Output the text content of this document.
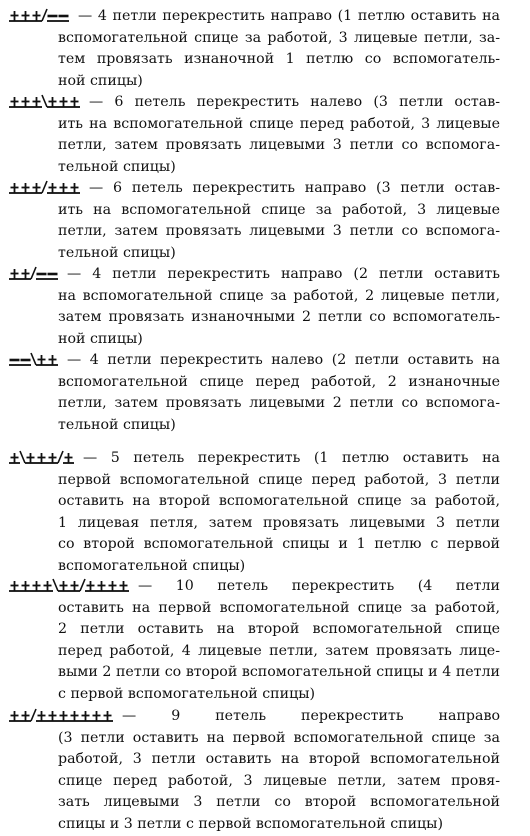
— 4 петли перекрестить направо (1 петлю оставить на
вспомогательной спице за работой, 3 лицевые петли, за-
тем провязать изнаночной 1 петлю со вспомогатель-
ной спицы)
— 6 петель перекрестить налево (3 петли остав-
ить на вспомогательной спице перед работой, 3 лицевые
петли, затем провязать лицевыми 3 петли со вспомога-
тельной спицы)
— 6 петель перекрестить направо (3 петли остав-
ить на вспомогательной спице за работой, 3 лицевые
петли, затем провязать лицевыми 3 петли со вспомога-
тельной спицы)
— 4 петли перекрестить направо (2 петли оставить
на вспомогательной спице за работой, 2 лицевые петли,
затем провязать изнаночными 2 петли со вспомогатель-
ной спицы)
— 4 петли перекрестить налево (2 петли оставить на
вспомогательной спице перед работой, 2 изнаночные
петли, затем провязать лицевыми 2 петли со вспомога-
тельной спицы)
— 5 петель перекрестить (1 петлю оставить на
первой вспомогательной спице перед работой, 3 петли
оставить на второй вспомогательной спице за работой,
1 лицевая петля, затем провязать лицевыми 3 петли
со второй вспомогательной спицы и 1 петлю с первой
вспомогательной спицы)
— 10 петель перекрестить (4 петли
оставить на первой вспомогательной спице за работой,
2 петли оставить на второй вспомогательной спице
перед работой, 4 лицевые петли, затем провязать лице-
выми 2 петли со второй вспомогательной спицы и 4 петли
с первой вспомогательной спицы)
— 9 петель перекрестить направо
(3 петли оставить на первой вспомогательной спице за
работой, 3 петли оставить на второй вспомогательной
спице перед работой, 3 лицевые петли, затем провя-
зать лицевыми 3 петли со второй вспомогательной
спицы и 3 петли с первой вспомогательной спицы)
